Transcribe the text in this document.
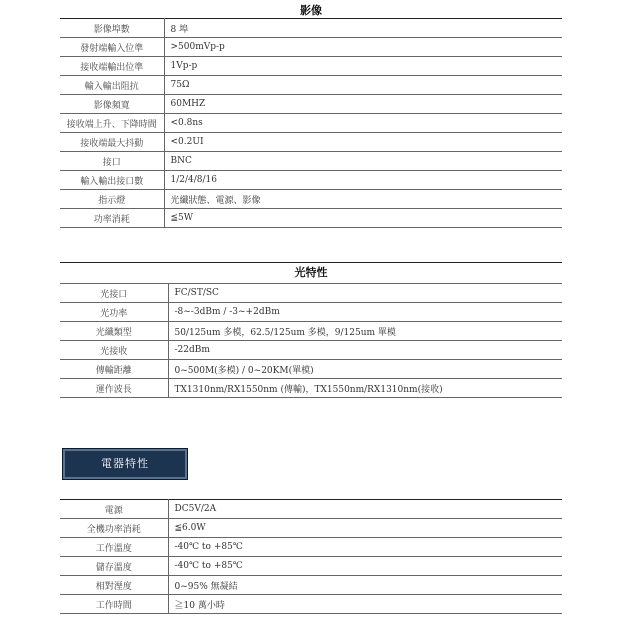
影像
影像埠數	8 埠
發射端輸入位準	>500mVp-p
接收端輸出位準	1Vp-p
輸入輸出阻抗	75Ω
影像頻寬	60MHZ
接收端上升、下降時間	<0.8ns
接收端最大抖動	<0.2UI
接口	BNC
輸入輸出接口數	1/2/4/8/16
指示燈	光纖狀態、電源、影像
功率消耗	≦5W
光特性
光接口	FC/ST/SC
光功率	-8~-3dBm / -3~+2dBm
光纖類型	50/125um 多模，62.5/125um 多模，9/125um 單模
光接收	-22dBm
傳輸距離	0~500M(多模) / 0~20KM(單模)
運作波長	TX1310nm/RX1550nm (傳輸)，TX1550nm/RX1310nm(接收)
電器特性
電源	DC5V/2A
全機功率消耗	≦6.0W
工作溫度	-40℃ to +85℃
儲存溫度	-40℃ to +85℃
相對溼度	0~95% 無凝結
工作時間	≧10 萬小時
